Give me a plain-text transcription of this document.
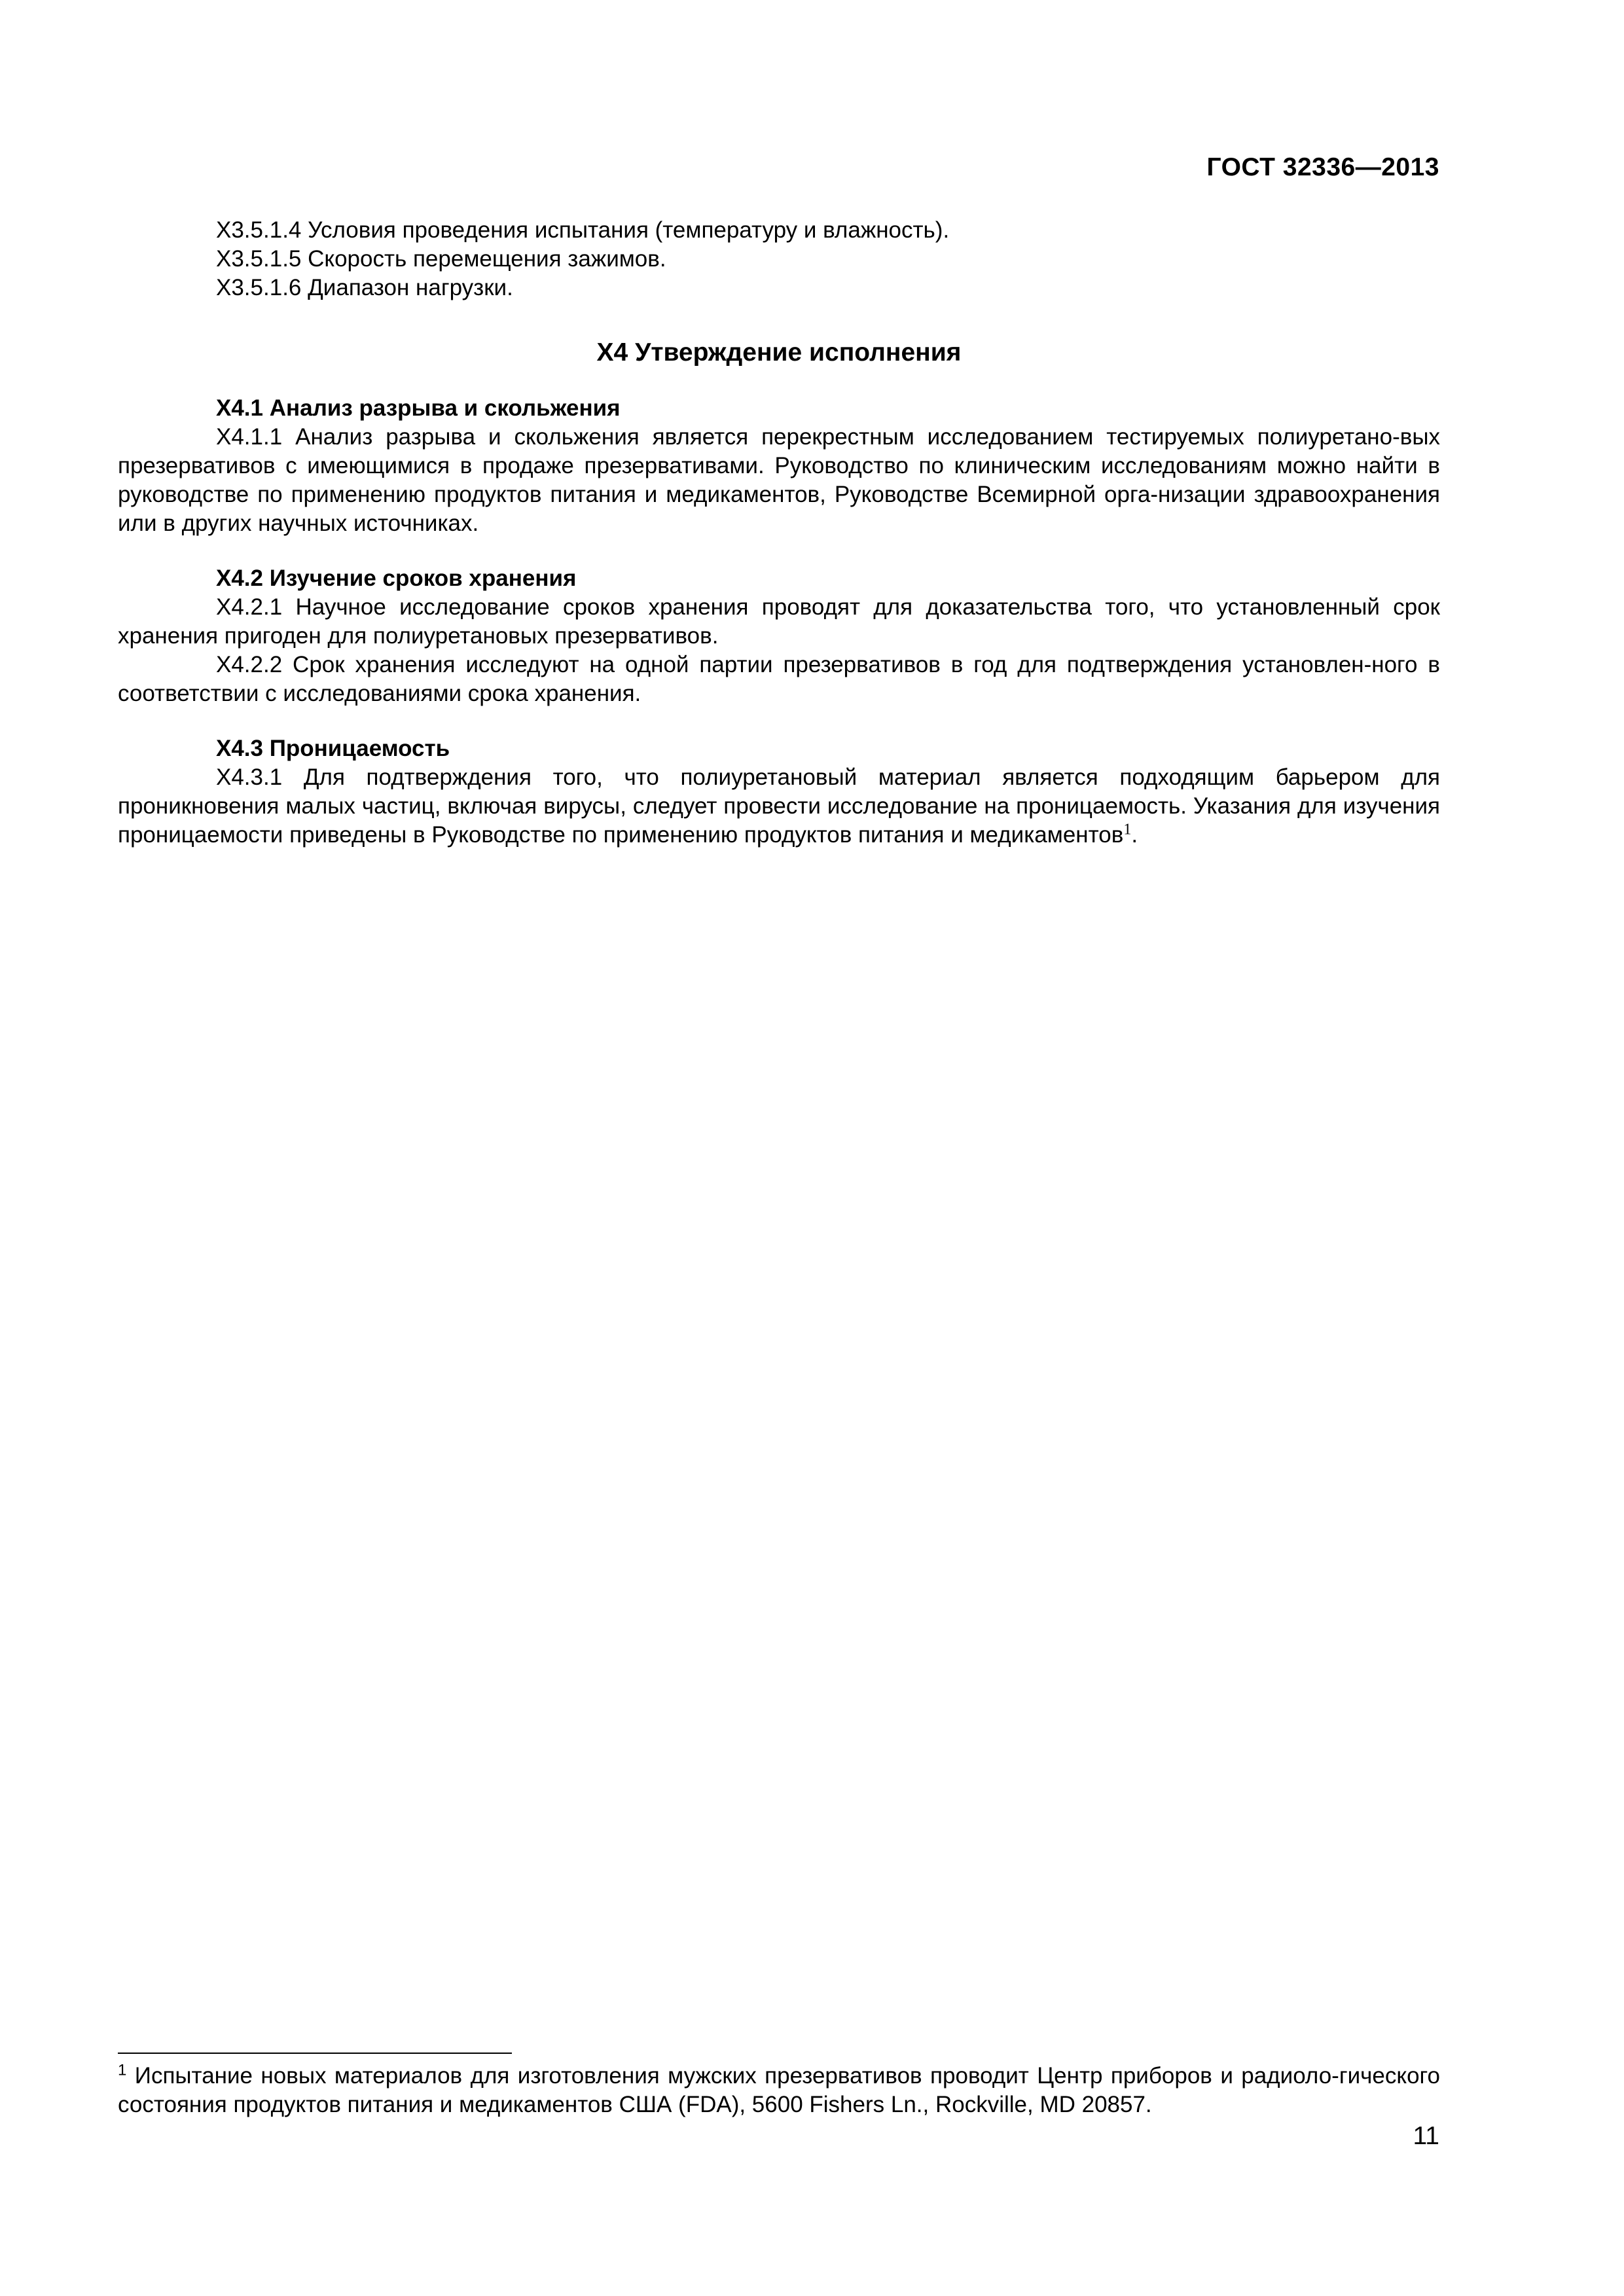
ГОСТ 32336—2013

X3.5.1.4 Условия проведения испытания (температуру и влажность).

X3.5.1.5 Скорость перемещения зажимов.

X3.5.1.6 Диапазон нагрузки.

X4 Утверждение исполнения

X4.1 Анализ разрыва и скольжения

X4.1.1 Анализ разрыва и скольжения является перекрестным исследованием тестируемых полиуретано-вых презервативов с имеющимися в продаже презервативами. Руководство по клиническим исследованиям можно найти в руководстве по применению продуктов питания и медикаментов, Руководстве Всемирной орга-низации здравоохранения или в других научных источниках.

X4.2 Изучение сроков хранения

X4.2.1 Научное исследование сроков хранения проводят для доказательства того, что установленный срок хранения пригоден для полиуретановых презервативов.

X4.2.2 Срок хранения исследуют на одной партии презервативов в год для подтверждения установлен-ного в соответствии с исследованиями срока хранения.

X4.3 Проницаемость

X4.3.1 Для подтверждения того, что полиуретановый материал является подходящим барьером для проникновения малых частиц, включая вирусы, следует провести исследование на проницаемость. Указания для изучения проницаемости приведены в Руководстве по применению продуктов питания и медикаментов$^1$.

$^1$ Испытание новых материалов для изготовления мужских презервативов проводит Центр приборов и радиоло-гического состояния продуктов питания и медикаментов США (FDA), 5600 Fishers Ln., Rockville, MD 20857.

11
